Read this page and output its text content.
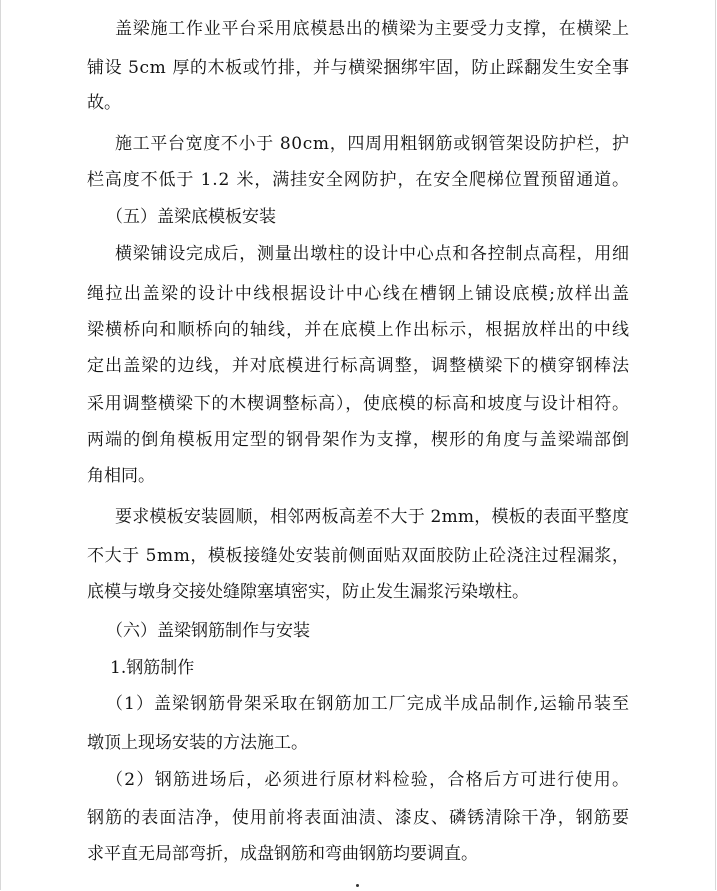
盖梁施工作业平台采用底模悬出的横梁为主要受力支撑，在横梁上
铺设 5cm 厚的木板或竹排，并与横梁捆绑牢固，防止踩翻发生安全事
故。
施工平台宽度不小于 80cm，四周用粗钢筋或钢管架设防护栏，护
栏高度不低于 1.2 米，满挂安全网防护，在安全爬梯位置预留通道。
（五）盖梁底模板安装
横梁铺设完成后，测量出墩柱的设计中心点和各控制点高程，用细
绳拉出盖梁的设计中线根据设计中心线在槽钢上铺设底模;放样出盖
梁横桥向和顺桥向的轴线，并在底模上作出标示，根据放样出的中线
定出盖梁的边线，并对底模进行标高调整，调整横梁下的横穿钢棒法
采用调整横梁下的木楔调整标高），使底模的标高和坡度与设计相符。
两端的倒角模板用定型的钢骨架作为支撑，楔形的角度与盖梁端部倒
角相同。
要求模板安装圆顺，相邻两板高差不大于 2mm，模板的表面平整度
不大于 5mm，模板接缝处安装前侧面贴双面胶防止砼浇注过程漏浆，
底模与墩身交接处缝隙塞填密实，防止发生漏浆污染墩柱。
（六）盖梁钢筋制作与安装
1.钢筋制作
（1）盖梁钢筋骨架采取在钢筋加工厂完成半成品制作,运输吊装至
墩顶上现场安装的方法施工。
（2）钢筋进场后，必须进行原材料检验，合格后方可进行使用。
钢筋的表面洁净，使用前将表面油渍、漆皮、磷锈清除干净，钢筋要
求平直无局部弯折，成盘钢筋和弯曲钢筋均要调直。
